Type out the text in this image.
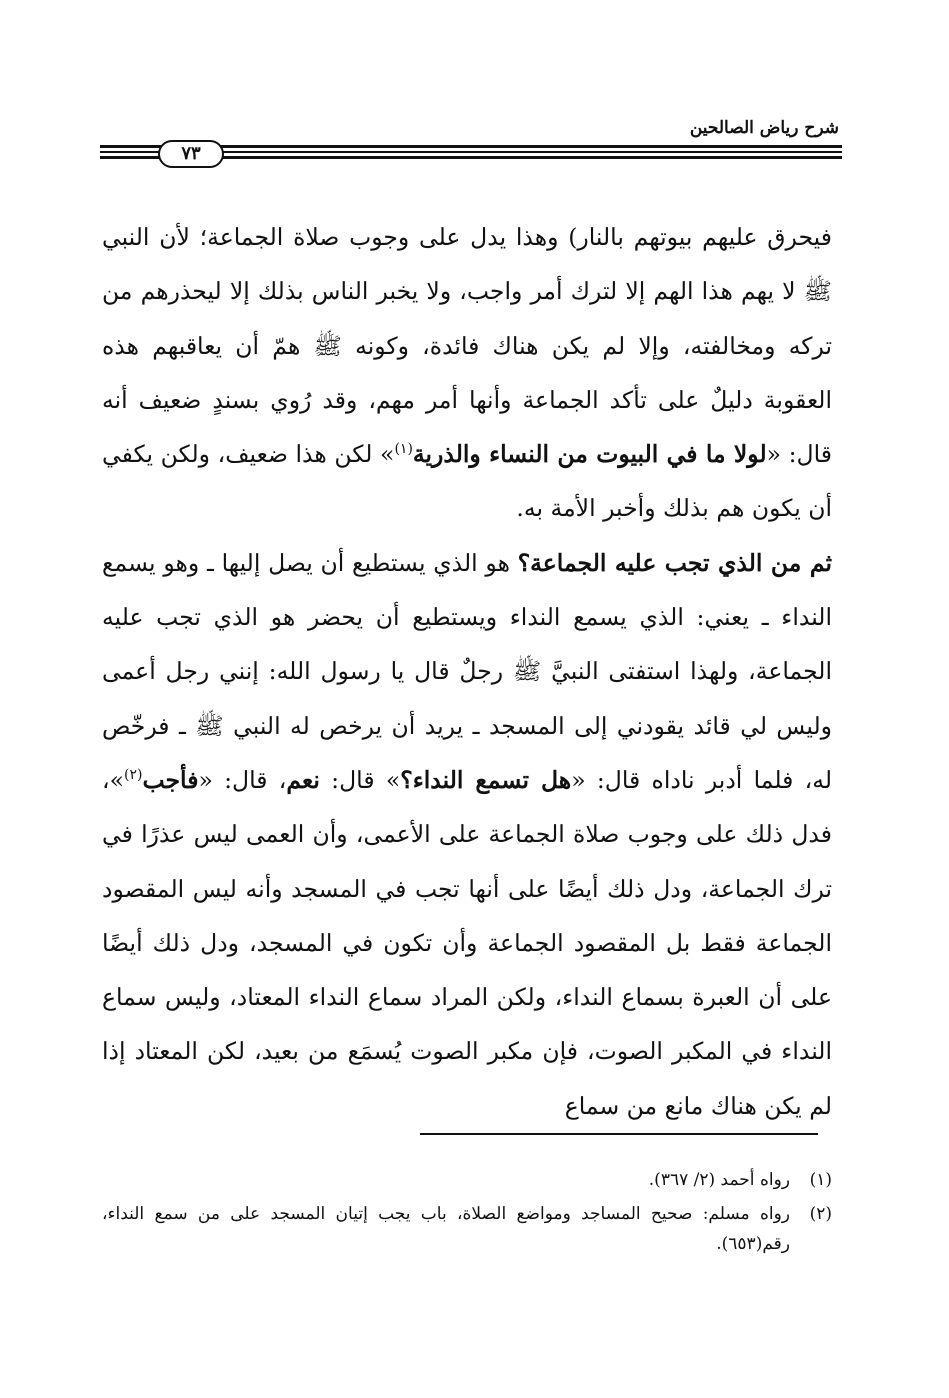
شرح رياض الصالحين
٧٣

فيحرق عليهم بيوتهم بالنار) وهذا يدل على وجوب صلاة الجماعة؛ لأن النبي ﷺ لا يهم هذا الهم إلا لترك أمر واجب، ولا يخبر الناس بذلك إلا ليحذرهم من تركه ومخالفته، وإلا لم يكن هناك فائدة، وكونه ﷺ همّ أن يعاقبهم هذه العقوبة دليلٌ على تأكد الجماعة وأنها أمر مهم، وقد رُوي بسندٍ ضعيف أنه قال: «لولا ما في البيوت من النساء والذرية$^{(١)}$» لكن هذا ضعيف، ولكن يكفي أن يكون هم بذلك وأخبر الأمة به.

ثم من الذي تجب عليه الجماعة؟ هو الذي يستطيع أن يصل إليها ـ وهو يسمع النداء ـ يعني: الذي يسمع النداء ويستطيع أن يحضر هو الذي تجب عليه الجماعة، ولهذا استفتى النبيَّ ﷺ رجلٌ قال يا رسول الله: إنني رجل أعمى وليس لي قائد يقودني إلى المسجد ـ يريد أن يرخص له النبي ﷺ ـ فرخّص له، فلما أدبر ناداه قال: «هل تسمع النداء؟» قال: نعم، قال: «فأجب$^{(٢)}$»، فدل ذلك على وجوب صلاة الجماعة على الأعمى، وأن العمى ليس عذرًا في ترك الجماعة، ودل ذلك أيضًا على أنها تجب في المسجد وأنه ليس المقصود الجماعة فقط بل المقصود الجماعة وأن تكون في المسجد، ودل ذلك أيضًا على أن العبرة بسماع النداء، ولكن المراد سماع النداء المعتاد، وليس سماع النداء في المكبر الصوت، فإن مكبر الصوت يُسمَع من بعيد، لكن المعتاد إذا لم يكن هناك مانع من سماع

(١)
رواه أحمد (٢/ ٣٦٧).
(٢)
رواه مسلم: صحيح المساجد ومواضع الصلاة، باب يجب إتيان المسجد على من سمع النداء، رقم(٦٥٣).
